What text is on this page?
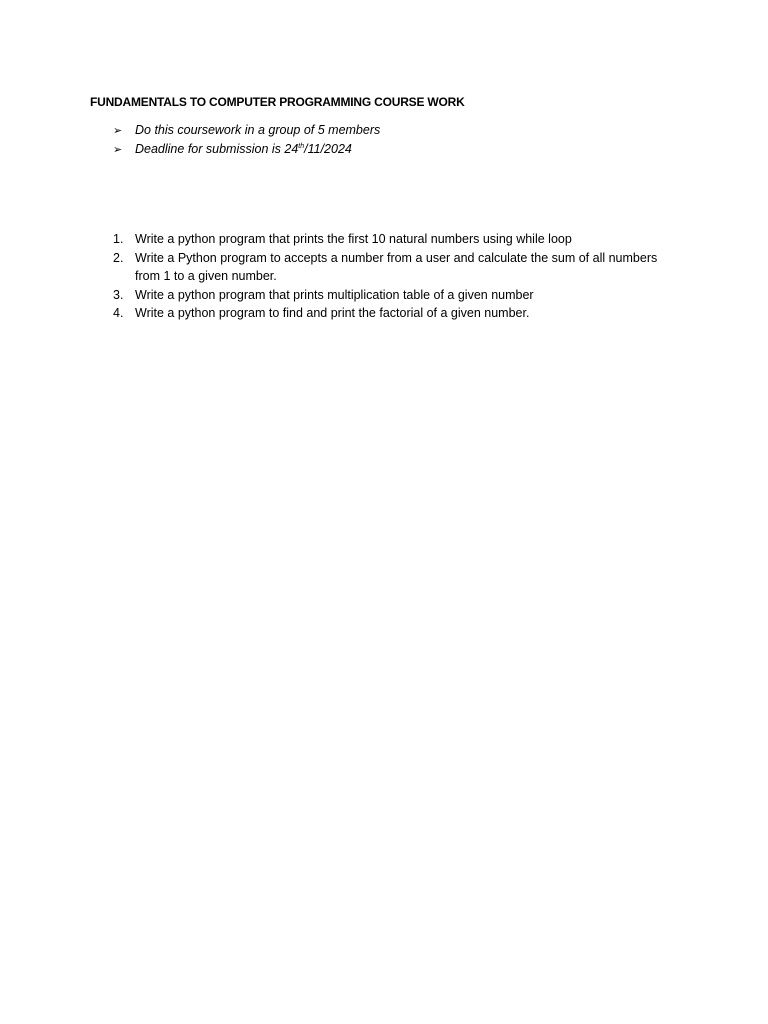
FUNDAMENTALS TO COMPUTER PROGRAMMING COURSE WORK
➢	Do this coursework in a group of 5 members
➢	Deadline for submission is 24th/11/2024
1. Write a python program that prints the first 10 natural numbers using while loop
2. Write a Python program to accepts a number from a user and calculate the sum of all numbers from 1 to a given number.
3. Write a python program that prints multiplication table of a given number
4. Write a python program to find and print the factorial of a given number.
